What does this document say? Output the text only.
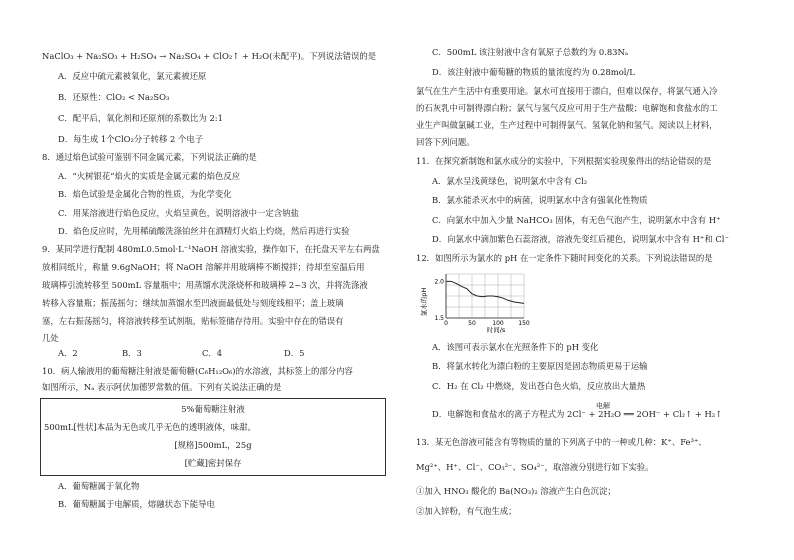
NaClO₃ + Na₂SO₃ + H₂SO₄ → Na₂SO₄ + ClO₂↑ + H₂O(未配平)。下列说法错误的是
A．反应中硫元素被氧化，氯元素被还原
B．还原性：ClO₂ < Na₂SO₃
C．配平后，氧化剂和还原剂的系数比为 2:1
D．每生成 1个ClO₂分子转移 2 个电子
8．通过焰色试验可鉴别不同金属元素，下列说法正确的是
A．“火树银花”焰火的实质是金属元素的焰色反应
B．焰色试验是金属化合物的性质，为化学变化
C．用某溶液进行焰色反应，火焰呈黄色，说明溶液中一定含钠盐
D．焰色反应时，先用稀硫酸洗涤铂丝并在酒精灯火焰上灼烧，然后再进行实验
9．某同学进行配制 480mL0.5mol·L⁻¹NaOH 溶液实验，操作如下，在托盘天平左右两盘
放相同纸片，称量 9.6gNaOH；将 NaOH 溶解并用玻璃棒不断搅拌；待却至室温后用
玻璃棒引流转移至 500mL 容量瓶中；用蒸馏水洗涤烧杯和玻璃棒 2~3 次，并将洗涤液
转移入容量瓶；振荡摇匀；继续加蒸馏水至凹液面最低处与刻度线相平；盖上玻璃
塞，左右振荡摇匀，将溶液转移至试剂瓶，贴标签储存待用。实验中存在的错误有
几处
A．2	B．3	C．4	D．5
10．病人输液用的葡萄糖注射液是葡萄糖(C₆H₁₂O₆)的水溶液，其标签上的部分内容
如图所示，Nₐ 表示阿伏加德罗常数的值。下列有关说法正确的是
5%葡萄糖注射液
500mL[性状]本品为无色或几乎无色的透明液体，味甜。
[规格]500mL，25g
[贮藏]密封保存
A．葡萄糖属于氧化物
B．葡萄糖属于电解质，熔融状态下能导电
C．500mL 该注射液中含有氧原子总数约为 0.83Nₐ
D．该注射液中葡萄糖的物质的量浓度约为 0.28mol/L
氯气在生产生活中有重要用途。氯水可直接用于漂白，但难以保存，将氯气通入冷
的石灰乳中可制得漂白粉；氯气与氢气反应可用于生产盐酸；电解饱和食盐水的工
业生产叫做氯碱工业，生产过程中可制得氯气、氢氧化钠和氢气。阅读以上材料，
回答下列问题。
11．在探究新制饱和氯水成分的实验中，下列根据实验现象得出的结论错误的是
A．氯水呈浅黄绿色，说明氯水中含有 Cl₂
B．氯水能杀灭水中的病菌，说明氯水中含有强氧化性物质
C．向氯水中加入少量 NaHCO₃ 固体，有无色气泡产生，说明氯水中含有 H⁺
D．向氯水中滴加紫色石蕊溶液，溶液先变红后褪色，说明氯水中含有 H⁺和 Cl⁻
12．如图所示为氯水的 pH 在一定条件下随时间变化的关系。下列说法错误的是
0	50	100 150
1.5
2.0
氯水的pH
时间/s
A．该图可表示氯水在光照条件下的 pH 变化
B．将氯水转化为漂白粉的主要原因是固态物质更易于运输
C．H₂ 在 Cl₂ 中燃烧，发出苍白色火焰，反应放出大量热
D．电解饱和食盐水的离子方程式为 2Cl⁻ + 2H₂O ══ 2OH⁻ + Cl₂↑ + H₂↑
电解
13．某无色溶液可能含有等物质的量的下列离子中的一种或几种：K⁺、Fe³⁺、
Mg²⁺、H⁺、Cl⁻、CO₃²⁻、SO₄²⁻，取溶液分别进行如下实验。
①加入 HNO₃ 酸化的 Ba(NO₃)₂ 溶液产生白色沉淀；
②加入锌粉，有气泡生成；
